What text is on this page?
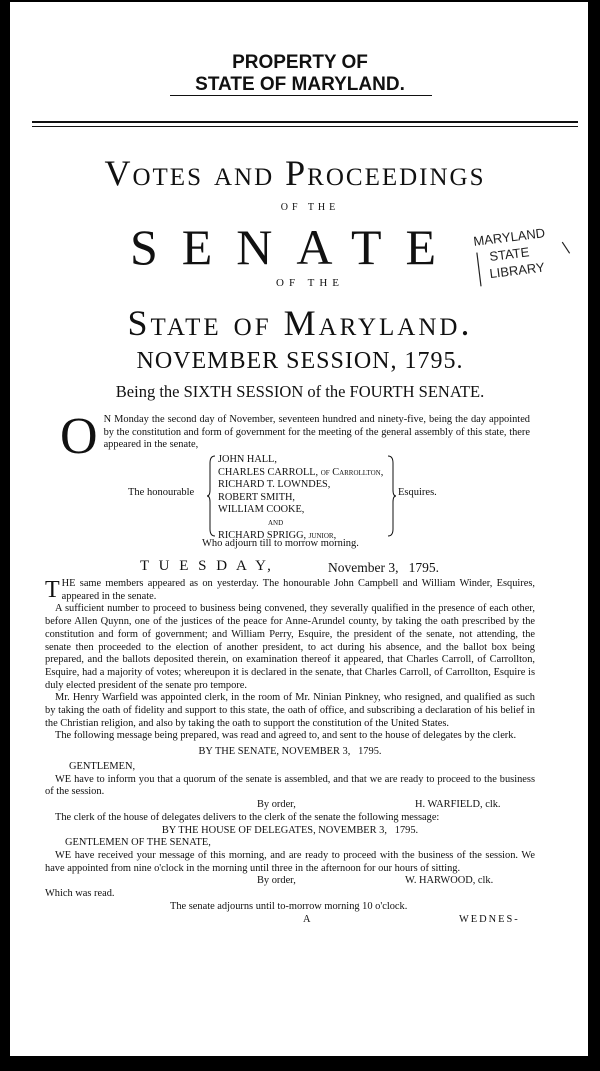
PROPERTY OF
STATE OF MARYLAND.
Votes and Proceedings
OF THE
SENATE
OF THE
State of Maryland.
NOVEMBER SESSION, 1795.
Being the SIXTH SESSION of the FOURTH SENATE.
MARYLAND
STATE
LIBRARY
O N Monday the second day of November, seventeen hundred and ninety-five, being the day appointed by the constitution and form of government for the meeting of the general assembly of this state, there appeared in the senate,
The honourable
JOHN HALL,
CHARLES CARROLL, of Carrollton,
RICHARD T. LOWNDES,
ROBERT SMITH,
WILLIAM COOKE,
and
RICHARD SPRIGG, junior,
Esquires.
Who adjourn till to morrow morning.
T U E S D A Y,	November 3,   1795.

THE same members appeared as on yesterday. The honourable John Campbell and William Winder, Esquires, appeared in the senate.

A sufficient number to proceed to business being convened, they severally qualified in the presence of each other, before Allen Quynn, one of the justices of the peace for Anne-Arundel county, by taking the oath prescribed by the constitution and form of government; and William Perry, Esquire, the president of the senate, not attending, the senate then proceeded to the election of another president, to act during his absence, and the ballot box being prepared, and the ballots deposited therein, on examination thereof it appeared, that Charles Carroll, of Carrollton, Esquire, had a majority of votes; whereupon it is declared in the senate, that Charles Carroll, of Carrollton, Esquire is duly elected president of the senate pro tempore.

Mr. Henry Warfield was appointed clerk, in the room of Mr. Ninian Pinkney, who resigned, and qualified as such by taking the oath of fidelity and support to this state, the oath of office, and subscribing a declaration of his belief in the Christian religion, and also by taking the oath to support the constitution of the United States.

The following message being prepared, was read and agreed to, and sent to the house of delegates by the clerk.

BY THE SENATE, NOVEMBER 3,   1795.

GENTLEMEN,

WE have to inform you that a quorum of the senate is assembled, and that we are ready to proceed to the business of the session.

By order,	H. WARFIELD, clk.

The clerk of the house of delegates delivers to the clerk of the senate the following message:

BY THE HOUSE OF DELEGATES, NOVEMBER 3,   1795.

GENTLEMEN OF THE SENATE,

WE have received your message of this morning, and are ready to proceed with the business of the session. We have appointed from nine o'clock in the morning until three in the afternoon for our hours of sitting.

By order,	W. HARWOOD, clk.

Which was read.

The senate adjourns until to-morrow morning 10 o'clock.

A	WEDNES-
